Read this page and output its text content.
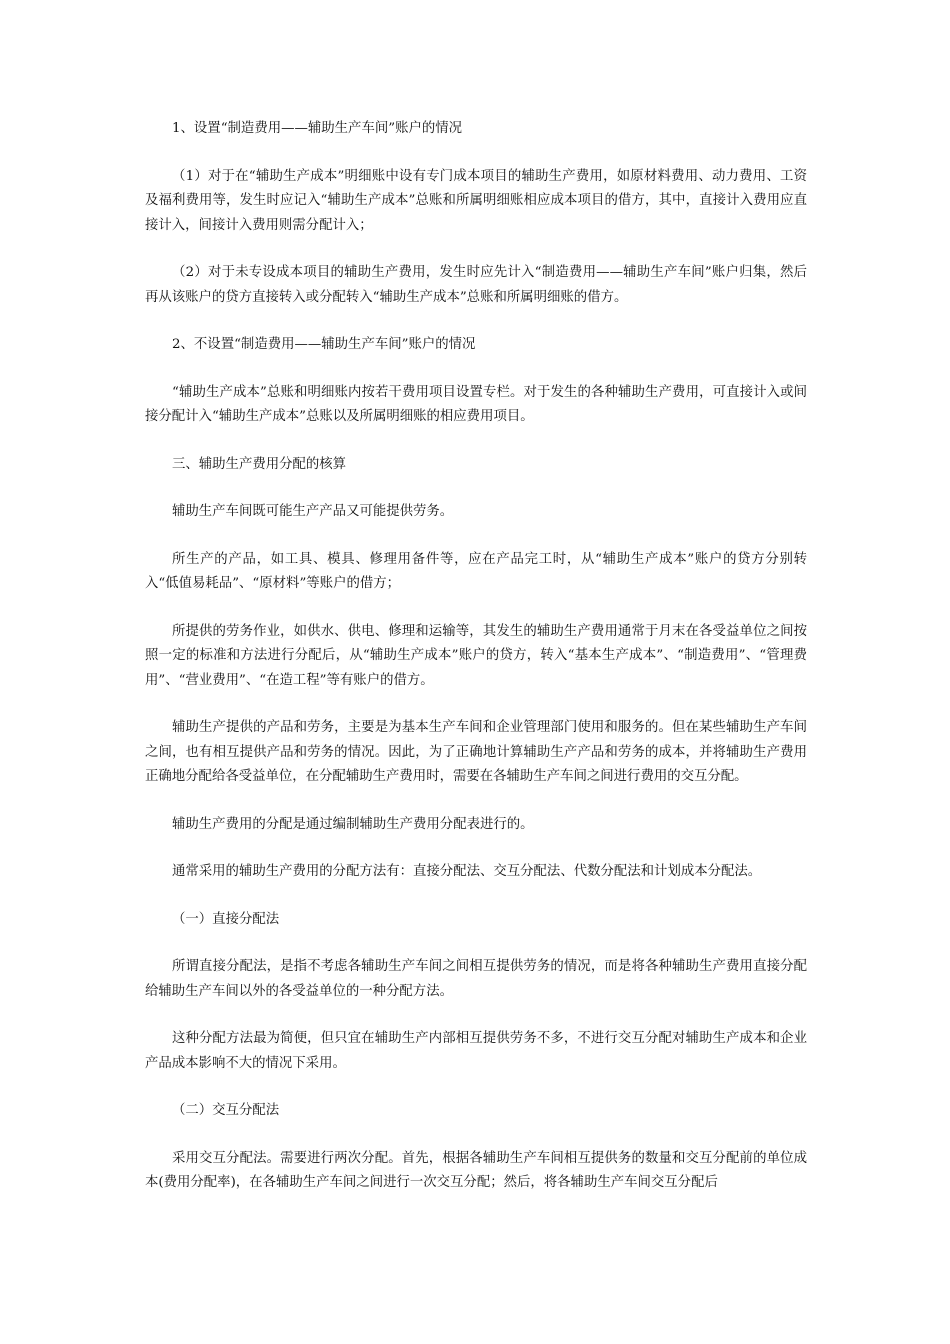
1、设置“制造费用——辅助生产车间”账户的情况

（1）对于在“辅助生产成本”明细账中设有专门成本项目的辅助生产费用，如原材料费用、动力费用、工资及福利费用等，发生时应记入“辅助生产成本”总账和所属明细账相应成本项目的借方，其中，直接计入费用应直接计入，间接计入费用则需分配计入；

（2）对于未专设成本项目的辅助生产费用，发生时应先计入“制造费用——辅助生产车间”账户归集，然后再从该账户的贷方直接转入或分配转入“辅助生产成本”总账和所属明细账的借方。

2、不设置“制造费用——辅助生产车间”账户的情况

“辅助生产成本”总账和明细账内按若干费用项目设置专栏。对于发生的各种辅助生产费用，可直接计入或间接分配计入“辅助生产成本”总账以及所属明细账的相应费用项目。

三、辅助生产费用分配的核算

辅助生产车间既可能生产产品又可能提供劳务。

所生产的产品，如工具、模具、修理用备件等，应在产品完工时，从“辅助生产成本”账户的贷方分别转入“低值易耗品”、“原材料”等账户的借方；

所提供的劳务作业，如供水、供电、修理和运输等，其发生的辅助生产费用通常于月末在各受益单位之间按照一定的标准和方法进行分配后，从“辅助生产成本”账户的贷方，转入“基本生产成本”、“制造费用”、“管理费用”、“营业费用”、“在造工程”等有账户的借方。

辅助生产提供的产品和劳务，主要是为基本生产车间和企业管理部门使用和服务的。但在某些辅助生产车间之间，也有相互提供产品和劳务的情况。因此，为了正确地计算辅助生产产品和劳务的成本，并将辅助生产费用正确地分配给各受益单位，在分配辅助生产费用时，需要在各辅助生产车间之间进行费用的交互分配。

辅助生产费用的分配是通过编制辅助生产费用分配表进行的。

通常采用的辅助生产费用的分配方法有：直接分配法、交互分配法、代数分配法和计划成本分配法。

（一）直接分配法

所谓直接分配法，是指不考虑各辅助生产车间之间相互提供劳务的情况，而是将各种辅助生产费用直接分配给辅助生产车间以外的各受益单位的一种分配方法。

这种分配方法最为简便，但只宜在辅助生产内部相互提供劳务不多，不进行交互分配对辅助生产成本和企业产品成本影响不大的情况下采用。

（二）交互分配法

采用交互分配法。需要进行两次分配。首先，根据各辅助生产车间相互提供务的数量和交互分配前的单位成本(费用分配率)，在各辅助生产车间之间进行一次交互分配；然后，将各辅助生产车间交互分配后
